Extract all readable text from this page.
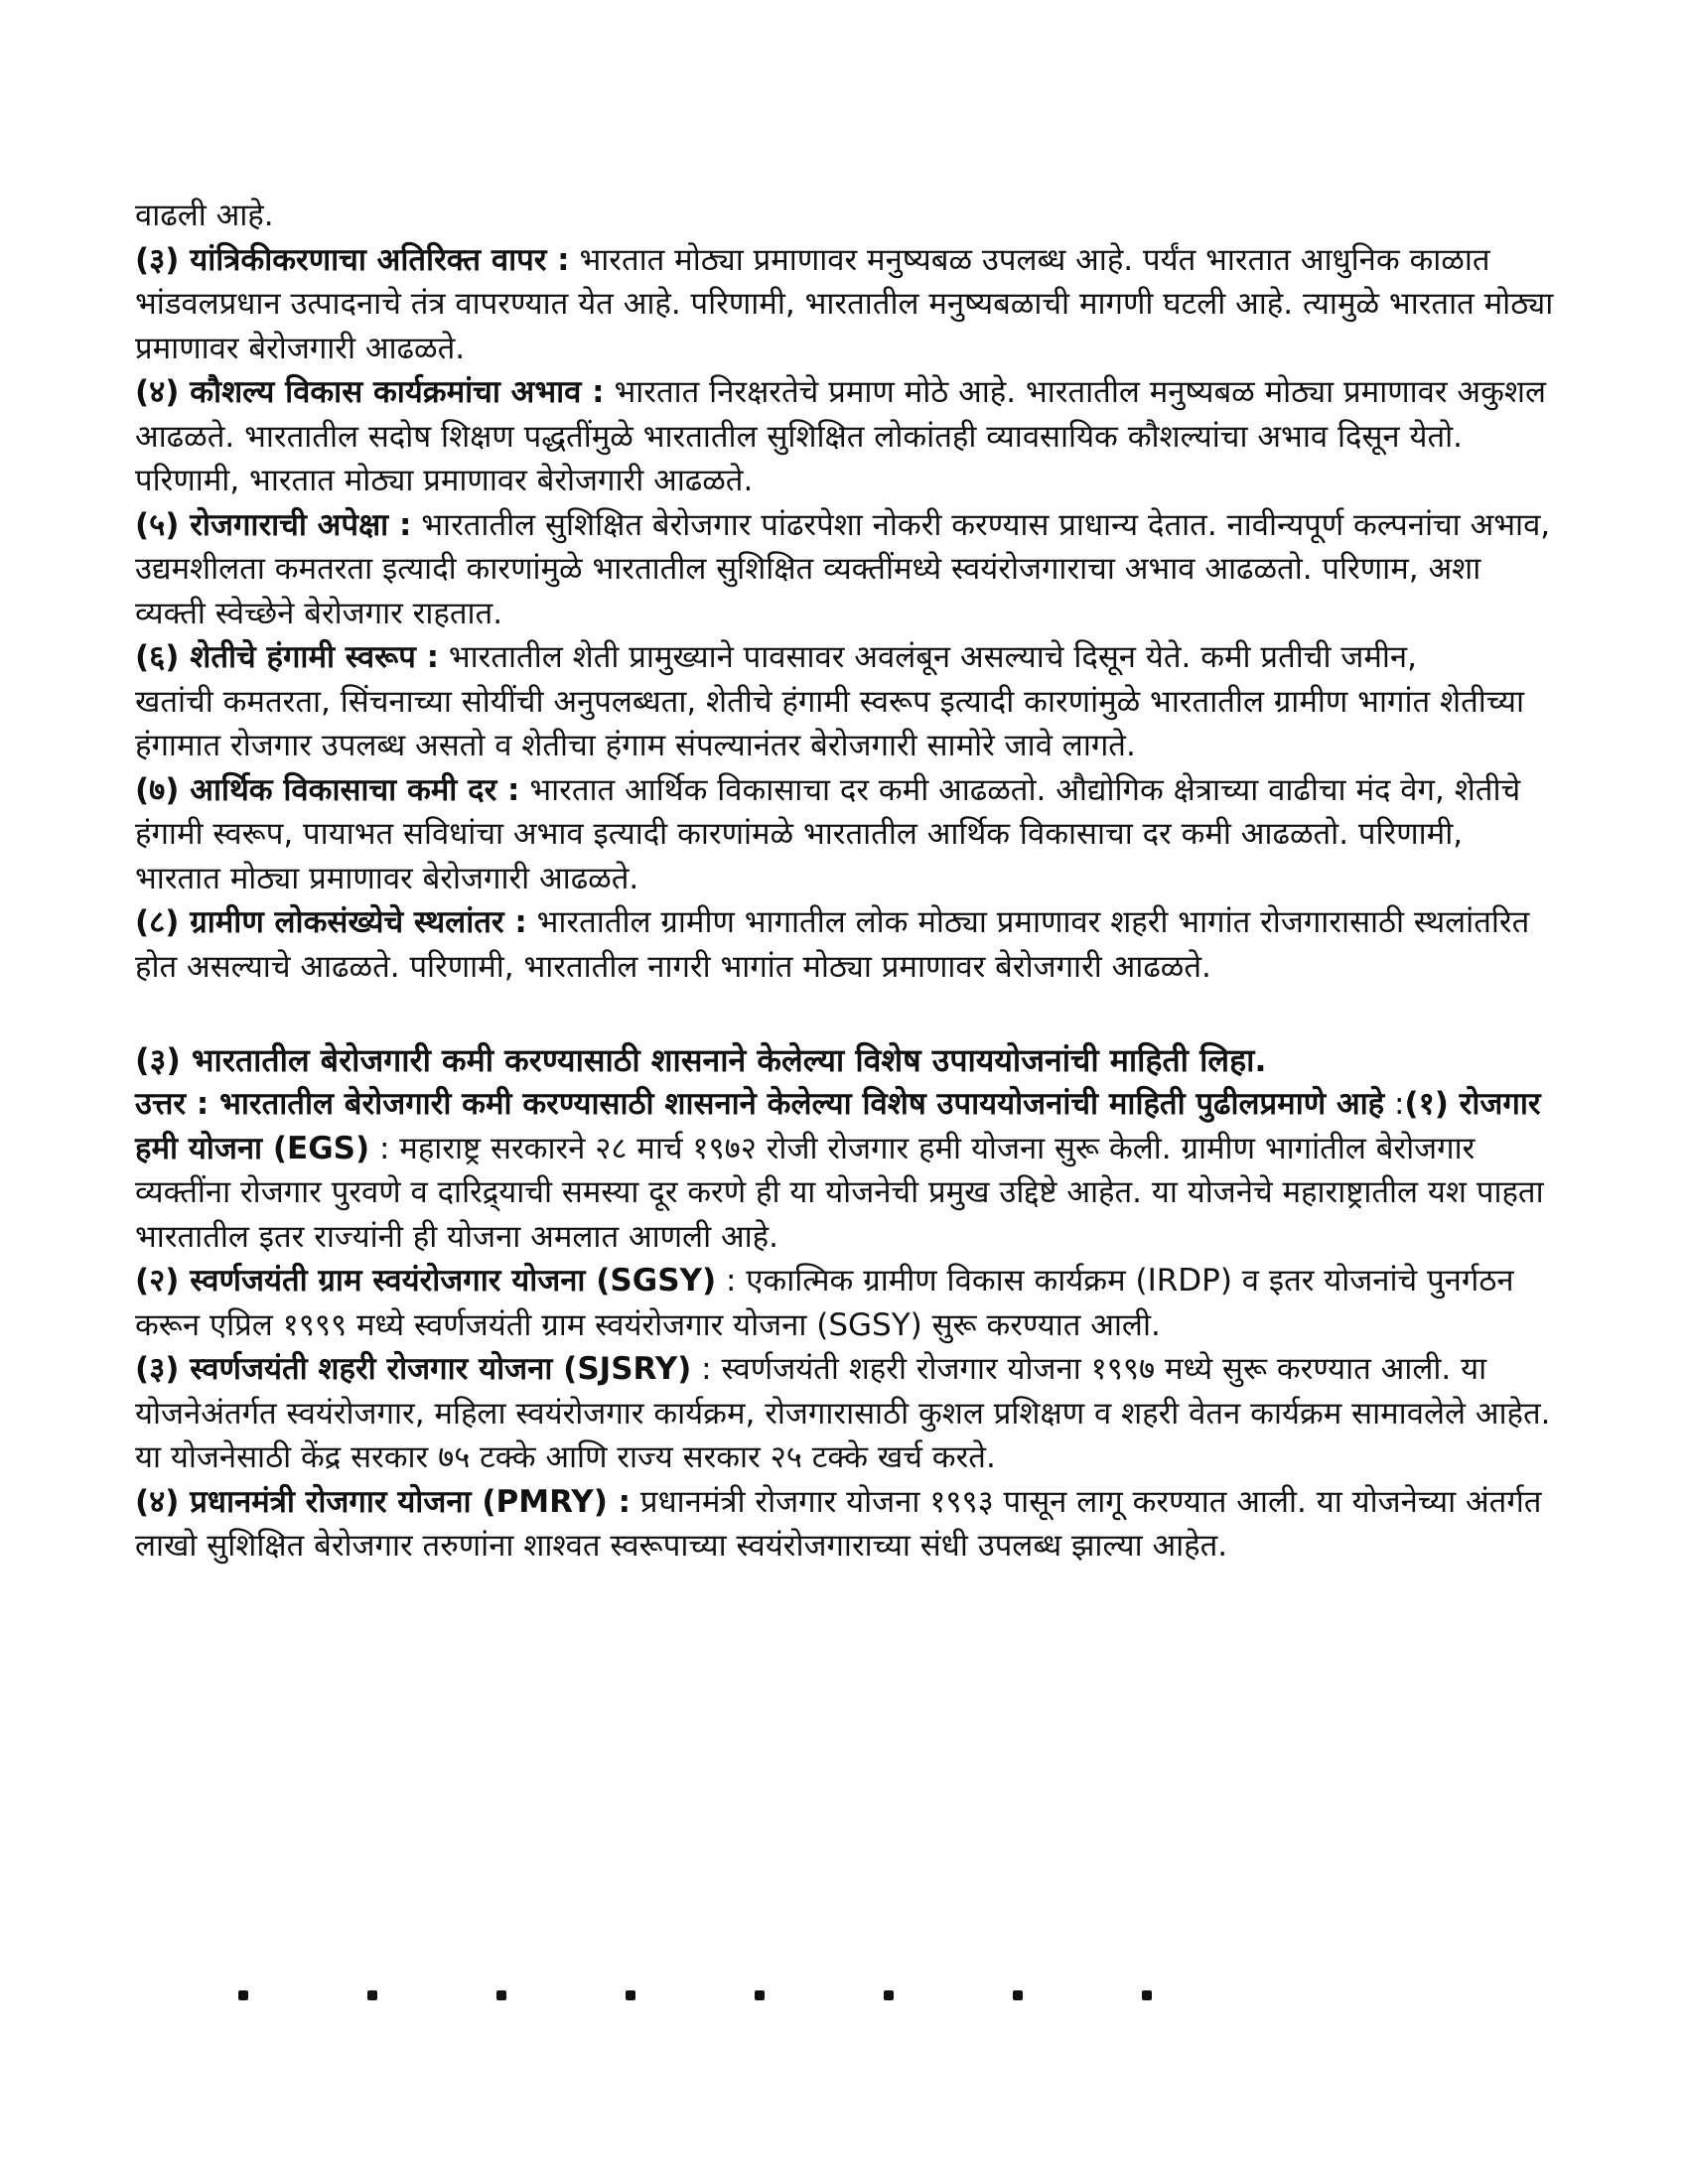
वाढली आहे.

(३) यांत्रिकीकरणाचा अतिरिक्त वापर : भारतात मोठ्या प्रमाणावर मनुष्यबळ उपलब्ध आहे. पर्यंत भारतात आधुनिक काळात भांडवलप्रधान उत्पादनाचे तंत्र वापरण्यात येत आहे. परिणामी, भारतातील मनुष्यबळाची मागणी घटली आहे. त्यामुळे भारतात मोठ्या प्रमाणावर बेरोजगारी आढळते.

(४) कौशल्य विकास कार्यक्रमांचा अभाव : भारतात निरक्षरतेचे प्रमाण मोठे आहे. भारतातील मनुष्यबळ मोठ्या प्रमाणावर अकुशल आढळते. भारतातील सदोष शिक्षण पद्धतींमुळे भारतातील सुशिक्षित लोकांतही व्यावसायिक कौशल्यांचा अभाव दिसून येतो. परिणामी, भारतात मोठ्या प्रमाणावर बेरोजगारी आढळते.

(५) रोजगाराची अपेक्षा : भारतातील सुशिक्षित बेरोजगार पांढरपेशा नोकरी करण्यास प्राधान्य देतात. नावीन्यपूर्ण कल्पनांचा अभाव, उद्यमशीलता कमतरता इत्यादी कारणांमुळे भारतातील सुशिक्षित व्यक्तींमध्ये स्वयंरोजगाराचा अभाव आढळतो. परिणाम, अशा व्यक्ती स्वेच्छेने बेरोजगार राहतात.

(६) शेतीचे हंगामी स्वरूप : भारतातील शेती प्रामुख्याने पावसावर अवलंबून असल्याचे दिसून येते. कमी प्रतीची जमीन,

खतांची कमतरता, सिंचनाच्या सोयींची अनुपलब्धता, शेतीचे हंगामी स्वरूप इत्यादी कारणांमुळे भारतातील ग्रामीण भागांत शेतीच्या हंगामात रोजगार उपलब्ध असतो व शेतीचा हंगाम संपल्यानंतर बेरोजगारी सामोरे जावे लागते.

(७) आर्थिक विकासाचा कमी दर : भारतात आर्थिक विकासाचा दर कमी आढळतो. औद्योगिक क्षेत्राच्या वाढीचा मंद वेग, शेतीचे हंगामी स्वरूप, पायाभत सविधांचा अभाव इत्यादी कारणांमळे भारतातील आर्थिक विकासाचा दर कमी आढळतो. परिणामी, भारतात मोठ्या प्रमाणावर बेरोजगारी आढळते.

(८) ग्रामीण लोकसंख्येचे स्थलांतर : भारतातील ग्रामीण भागातील लोक मोठ्या प्रमाणावर शहरी भागांत रोजगारासाठी स्थलांतरित होत असल्याचे आढळते. परिणामी, भारतातील नागरी भागांत मोठ्या प्रमाणावर बेरोजगारी आढळते.

(३) भारतातील बेरोजगारी कमी करण्यासाठी शासनाने केलेल्या विशेष उपाययोजनांची माहिती लिहा.

उत्तर : भारतातील बेरोजगारी कमी करण्यासाठी शासनाने केलेल्या विशेष उपाययोजनांची माहिती पुढीलप्रमाणे आहे :(१) रोजगार हमी योजना (EGS) : महाराष्ट्र सरकारने २८ मार्च १९७२ रोजी रोजगार हमी योजना सुरू केली. ग्रामीण भागांतील बेरोजगार व्यक्तींना रोजगार पुरवणे व दारिद्र्याची समस्या दूर करणे ही या योजनेची प्रमुख उद्दिष्टे आहेत. या योजनेचे महाराष्ट्रातील यश पाहता भारतातील इतर राज्यांनी ही योजना अमलात आणली आहे.

(२) स्वर्णजयंती ग्राम स्वयंरोजगार योजना (SGSY) : एकात्मिक ग्रामीण विकास कार्यक्रम (IRDP) व इतर योजनांचे पुनर्गठन करून एप्रिल १९९९ मध्ये स्वर्णजयंती ग्राम स्वयंरोजगार योजना (SGSY) सुरू करण्यात आली.

(३) स्वर्णजयंती शहरी रोजगार योजना (SJSRY) : स्वर्णजयंती शहरी रोजगार योजना १९९७ मध्ये सुरू करण्यात आली. या योजनेअंतर्गत स्वयंरोजगार, महिला स्वयंरोजगार कार्यक्रम, रोजगारासाठी कुशल प्रशिक्षण व शहरी वेतन कार्यक्रम सामावलेले आहेत. या योजनेसाठी केंद्र सरकार ७५ टक्के आणि राज्य सरकार २५ टक्के खर्च करते.

(४) प्रधानमंत्री रोजगार योजना (PMRY) : प्रधानमंत्री रोजगार योजना १९९३ पासून लागू करण्यात आली. या योजनेच्या अंतर्गत लाखो सुशिक्षित बेरोजगार तरुणांना शाश्वत स्वरूपाच्या स्वयंरोजगाराच्या संधी उपलब्ध झाल्या आहेत.
